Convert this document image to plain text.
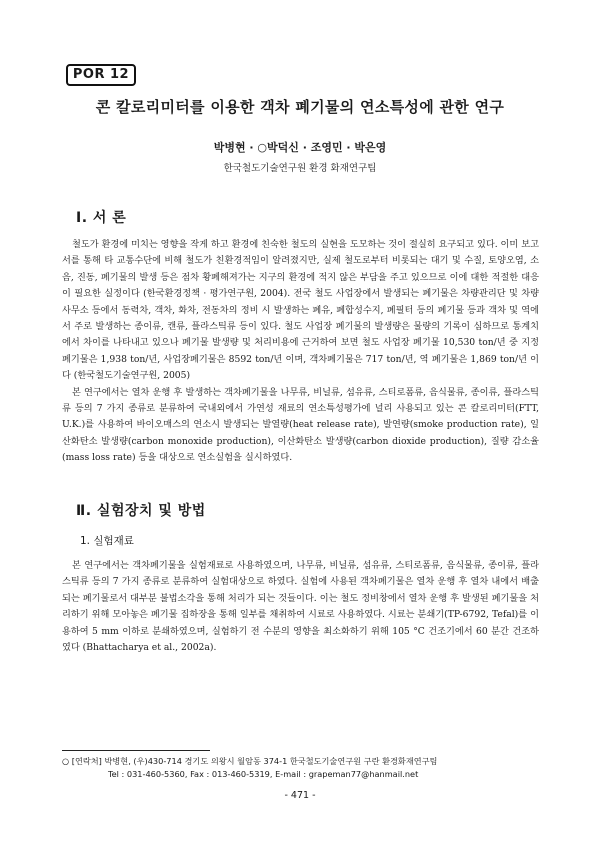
POR 12
콘 칼로리미터를 이용한 객차 폐기물의 연소특성에 관한 연구
박병현 · ○박덕신 · 조영민 · 박은영
한국철도기술연구원 환경 화재연구팀
Ⅰ. 서 론

철도가 환경에 미치는 영향을 작게 하고 환경에 친숙한 철도의 실현을 도모하는 것이 절실히 요구되고 있다. 이미 보고서를 통해 타 교통수단에 비해 철도가 친환경적임이 알려졌지만, 실제 철도로부터 비롯되는 대기 및 수질, 토양오염, 소음, 진동, 폐기물의 발생 등은 점차 황폐해져가는 지구의 환경에 적지 않은 부담을 주고 있으므로 이에 대한 적절한 대응이 필요한 실정이다 (한국환경정책 · 평가연구원, 2004). 전국 철도 사업장에서 발생되는 폐기물은 차량관리단 및 차량사무소 등에서 동력차, 객차, 화차, 전동차의 정비 시 발생하는 폐유, 폐합성수지, 폐필터 등의 폐기물 등과 객차 및 역에서 주로 발생하는 종이류, 캔류, 플라스틱류 등이 있다. 철도 사업장 폐기물의 발생량은 물량의 기록이 심하므로 통계치 에서 차이를 나타내고 있으나 폐기물 발생량 및 처리비용에 근거하여 보면 철도 사업장 폐기물 10,530 ton/년 중 지정폐기물은 1,938 ton/년, 사업장폐기물은 8592 ton/년 이며, 객차폐기물은 717 ton/년, 역 폐기물은 1,869 ton/년 이다 (한국철도기술연구원, 2005)

본 연구에서는 열차 운행 후 발생하는 객차폐기물을 나무류, 비닐류, 섬유류, 스티로폼류, 음식물류, 종이류, 플라스틱류 등의 7 가지 종류로 분류하여 국내외에서 가연성 재료의 연소특성평가에 널리 사용되고 있는 콘 칼로리미터(FTT, U.K.)를 사용하여 바이오매스의 연소시 발생되는 발열량(heat release rate), 발연량(smoke production rate), 일산화탄소 발생량(carbon monoxide production), 이산화탄소 발생량(carbon dioxide production), 질량 감소율(mass loss rate) 등을 대상으로 연소실험을 실시하였다.

Ⅱ. 실험장치 및 방법
1. 실험재료

본 연구에서는 객차폐기물을 실험재료로 사용하였으며, 나무류, 비닐류, 섬유류, 스티로폼류, 음식물류, 종이류, 플라스틱류 등의 7 가지 종류로 분류하여 실험대상으로 하였다. 실험에 사용된 객차폐기물은 열차 운행 후 열차 내에서 배출되는 폐기물로서 대부분 불법소각을 통해 처리가 되는 것들이다. 이는 철도 정비창에서 열차 운행 후 발생된 폐기물을 처리하기 위해 모아놓은 폐기물 집하장을 통해 일부를 채취하여 시료로 사용하였다. 시료는 분쇄기(TP-6792, Tefal)를 이용하여 5 mm 이하로 분쇄하였으며, 실험하기 전 수분의 영향을 최소화하기 위해 105 °C 건조기에서 60 분간 건조하였다 (Bhattacharya et al., 2002a).

○ [연락처] 박병현, (우)430-714 경기도 의왕시 월암동 374-1 한국철도기술연구원 구란 환경화재연구팀
Tel : 031-460-5360, Fax : 013-460-5319, E-mail : grapeman77@hanmail.net
- 471 -
